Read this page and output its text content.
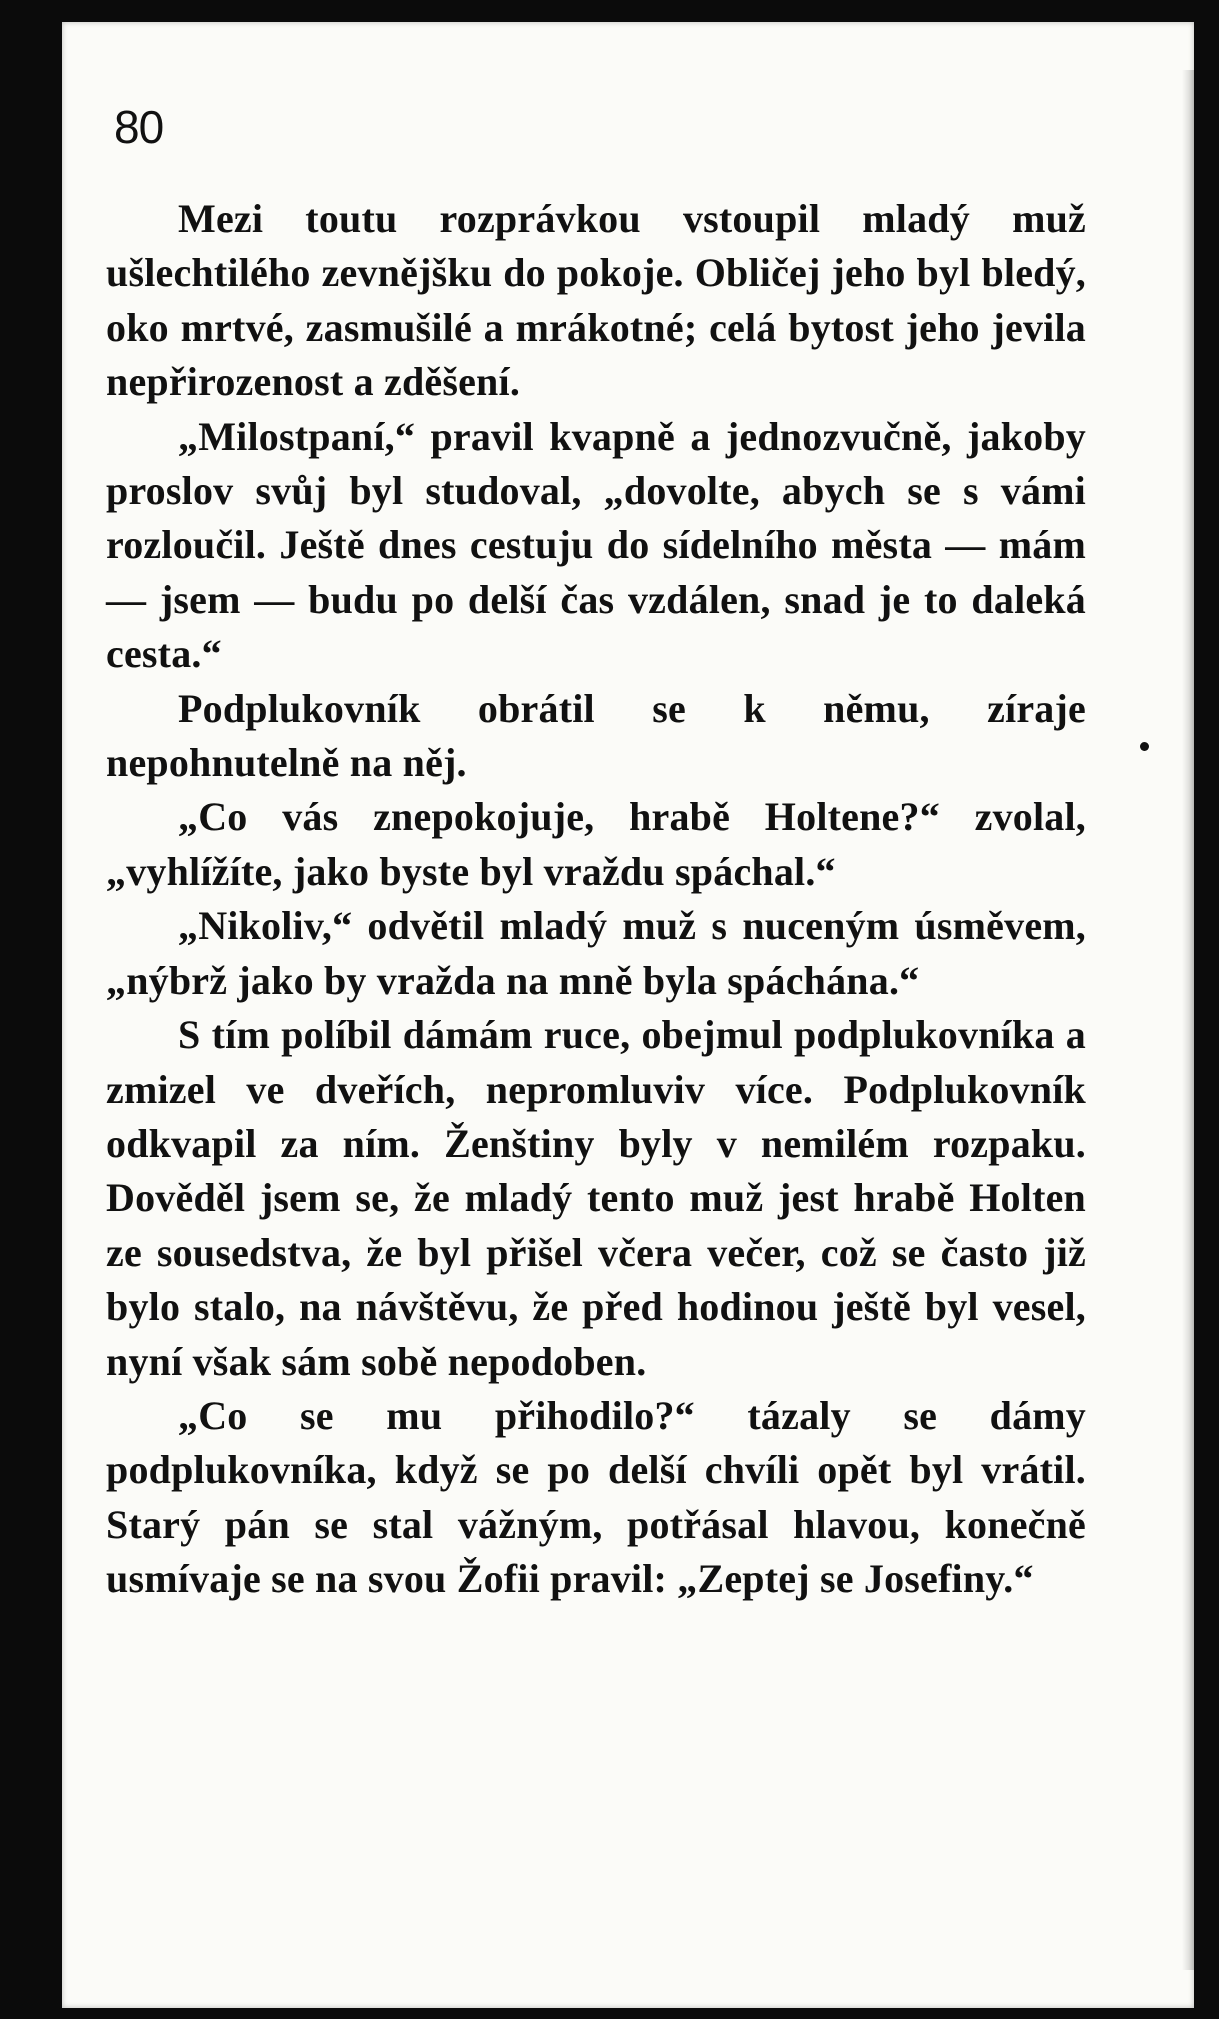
80

Mezi toutu rozprávkou vstoupil mladý muž ušlechtilého zevnějšku do pokoje. Obličej jeho byl bledý, oko mrtvé, zasmušilé a mrákotné; celá bytost jeho jevila nepřirozenost a zděšení.

„Milostpaní,“ pravil kvapně a jednozvučně, jakoby proslov svůj byl studoval, „dovolte, abych se s vámi rozloučil. Ještě dnes cestuju do sídelního města — mám — jsem — budu po delší čas vzdálen, snad je to daleká cesta.“

Podplukovník obrátil se k němu, zíraje nepohnutelně na něj.

„Co vás znepokojuje, hrabě Holtene?“ zvolal, „vyhlížíte, jako byste byl vraždu spáchal.“

„Nikoliv,“ odvětil mladý muž s nuceným úsměvem, „nýbrž jako by vražda na mně byla spáchána.“

S tím políbil dámám ruce, obejmul podplukovníka a zmizel ve dveřích, nepromluviv více. Podplukovník odkvapil za ním. Ženštiny byly v nemilém rozpaku. Dověděl jsem se, že mladý tento muž jest hrabě Holten ze sousedstva, že byl přišel včera večer, což se často již bylo stalo, na návštěvu, že před hodinou ještě byl vesel, nyní však sám sobě nepodoben.

„Co se mu přihodilo?“ tázaly se dámy podplukovníka, když se po delší chvíli opět byl vrátil. Starý pán se stal vážným, potřásal hlavou, konečně usmívaje se na svou Žofii pravil: „Zeptej se Josefiny.“
